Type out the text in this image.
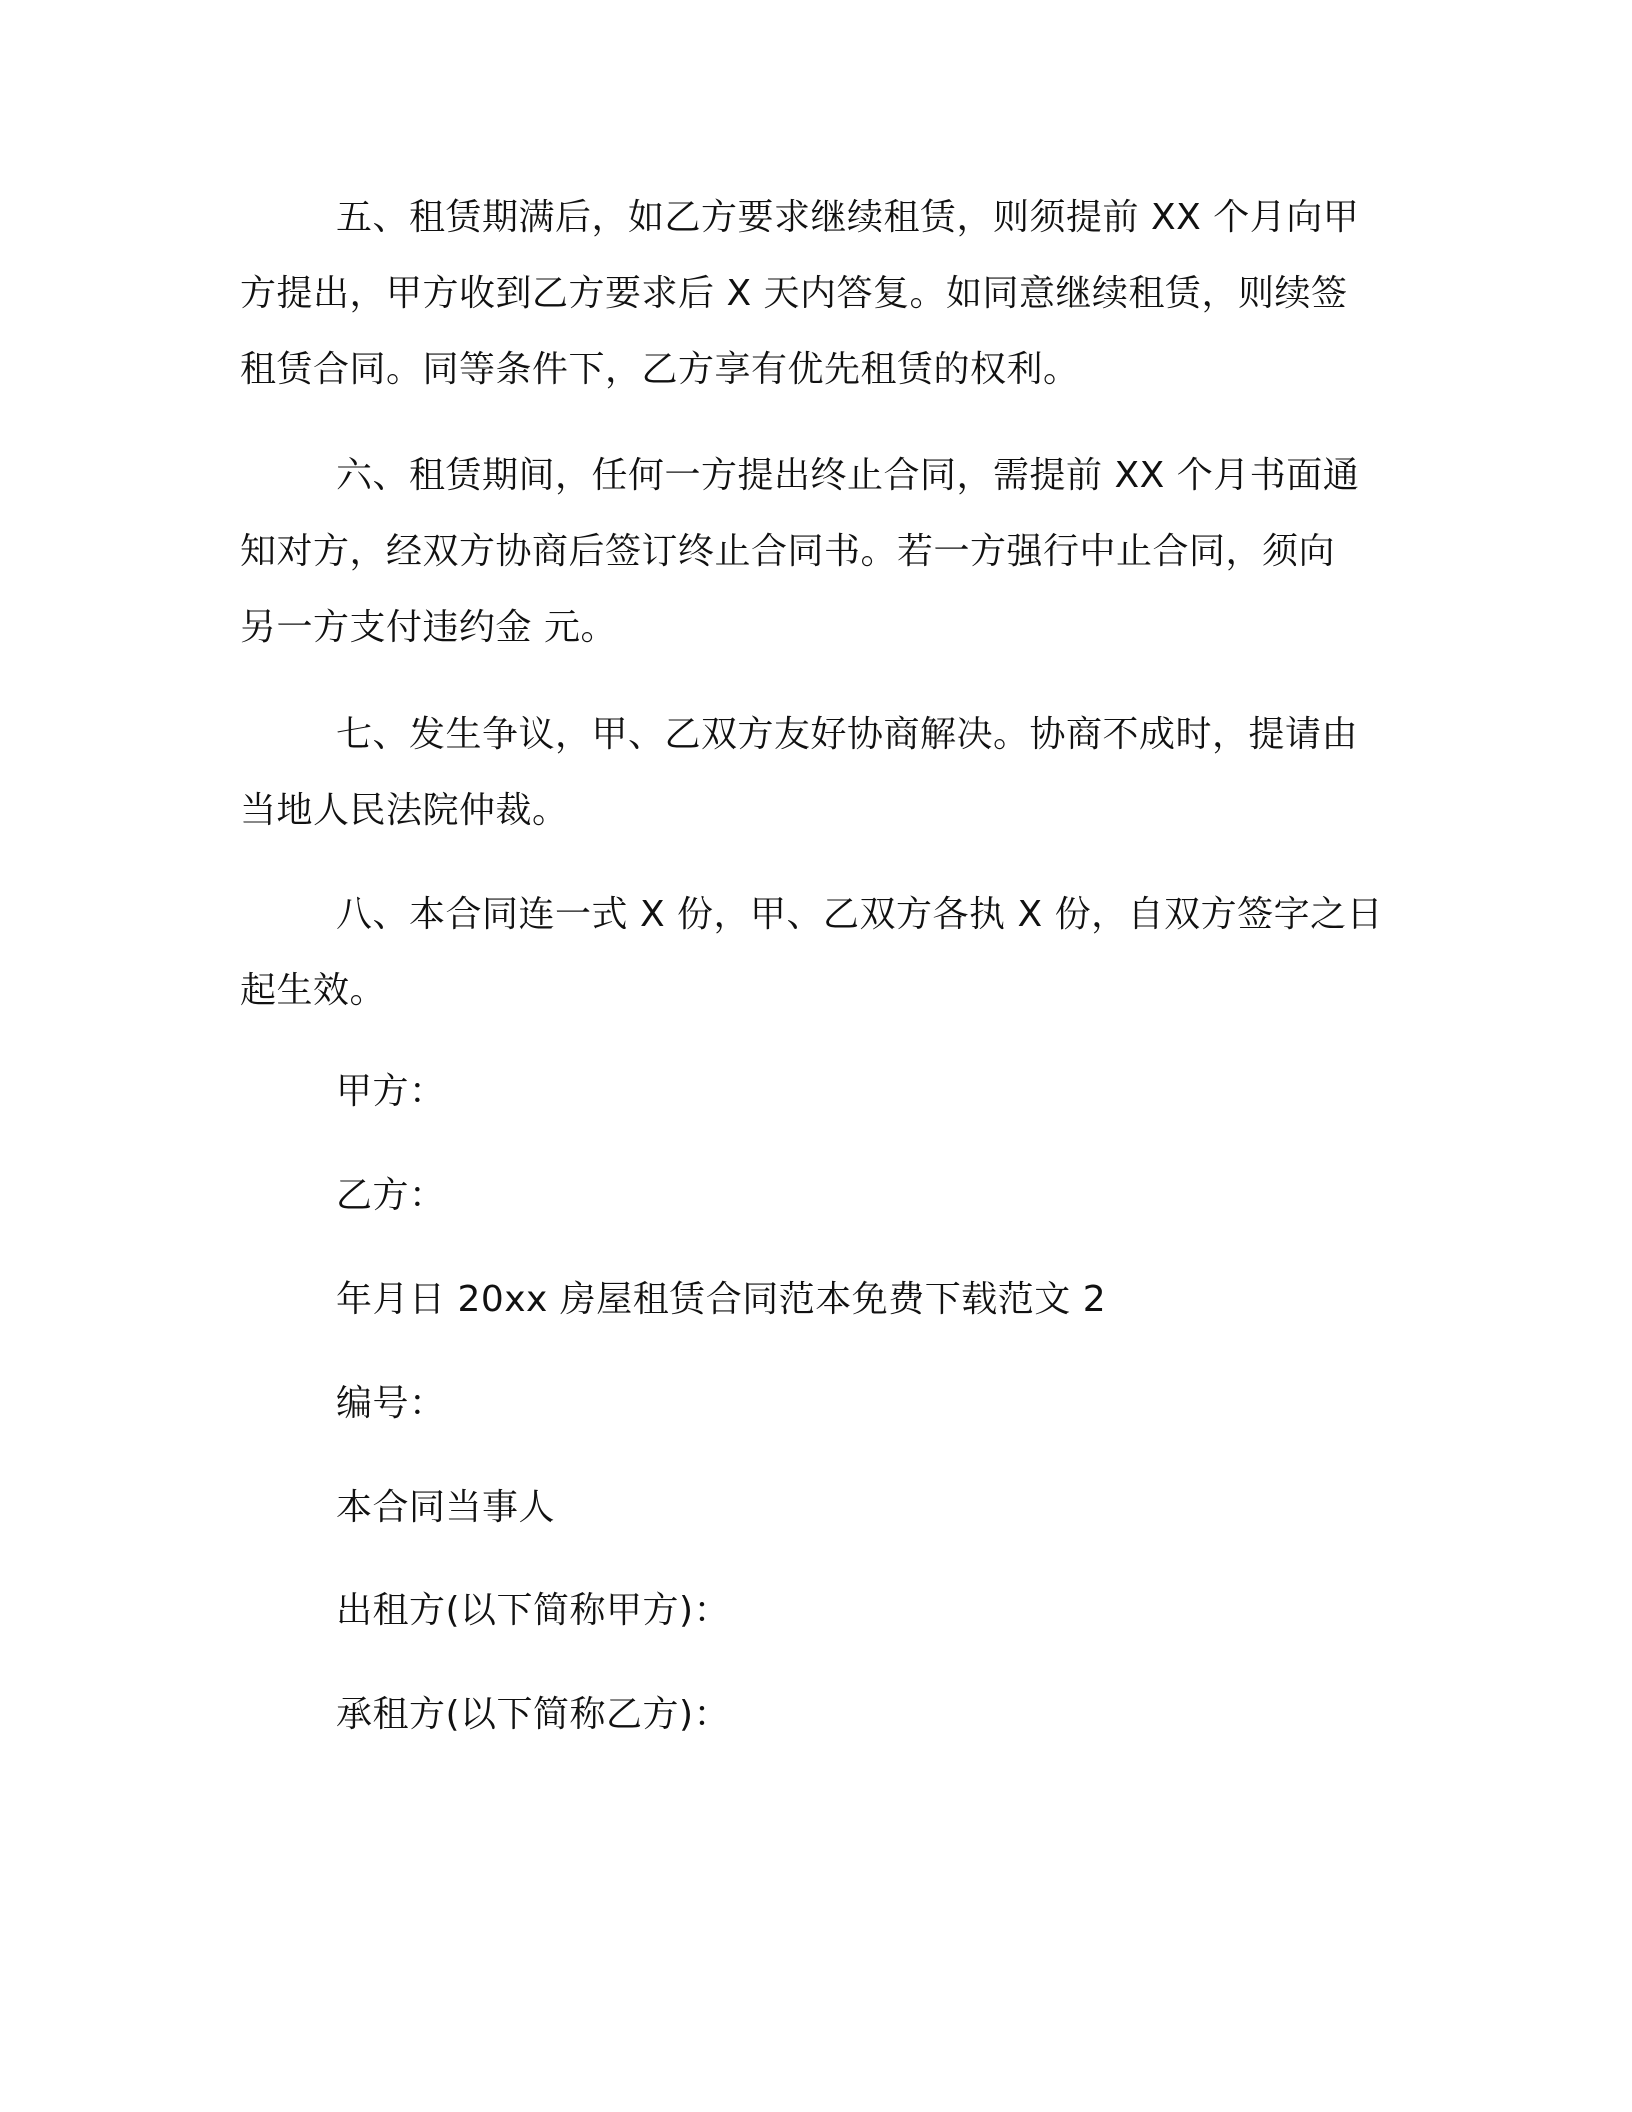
五、租赁期满后，如乙方要求继续租赁，则须提前 XX 个月向甲
方提出，甲方收到乙方要求后 X 天内答复。如同意继续租赁，则续签
租赁合同。同等条件下，乙方享有优先租赁的权利。
六、租赁期间，任何一方提出终止合同，需提前 XX 个月书面通
知对方，经双方协商后签订终止合同书。若一方强行中止合同，须向
另一方支付违约金 元。
七、发生争议，甲、乙双方友好协商解决。协商不成时，提请由
当地人民法院仲裁。
八、本合同连一式 X 份，甲、乙双方各执 X 份，自双方签字之日
起生效。
甲方：
乙方：
年月日 20xx 房屋租赁合同范本免费下载范文 2
编号：
本合同当事人
出租方(以下简称甲方)：
承租方(以下简称乙方)：
